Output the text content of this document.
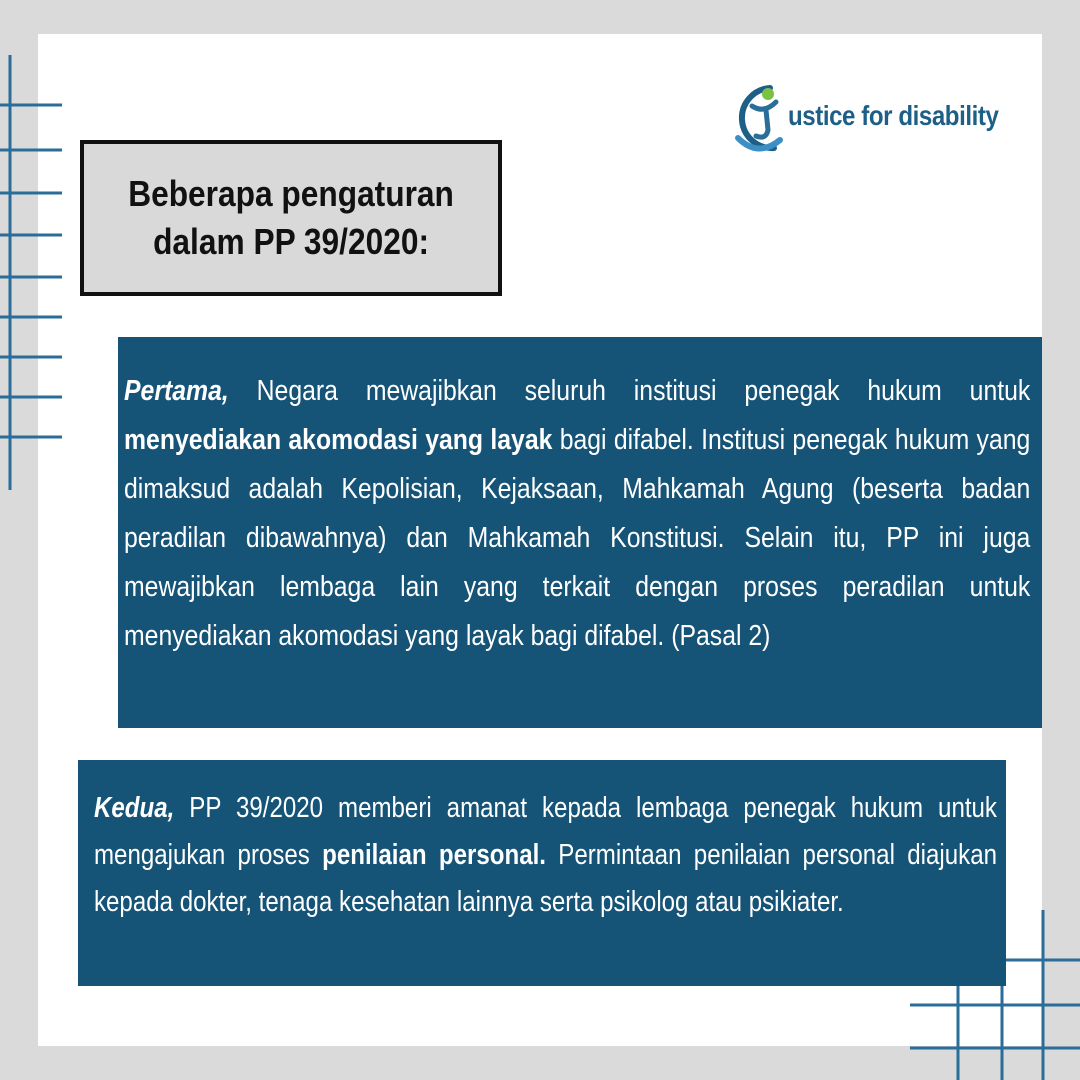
ustice for disability
Beberapa pengaturan
dalam PP 39/2020:
Pertama, Negara mewajibkan seluruh institusi penegak hukum untuk menyediakan akomodasi yang layak bagi difabel. Institusi penegak hukum yang dimaksud adalah Kepolisian, Kejaksaan, Mahkamah Agung (beserta badan peradilan dibawahnya) dan Mahkamah Konstitusi. Selain itu, PP ini juga mewajibkan lembaga lain yang terkait dengan proses peradilan untuk menyediakan akomodasi yang layak bagi difabel. (Pasal 2)
Kedua, PP 39/2020 memberi amanat kepada lembaga penegak hukum untuk mengajukan proses penilaian personal. Permintaan penilaian personal diajukan kepada dokter, tenaga kesehatan lainnya serta psikolog atau psikiater.
